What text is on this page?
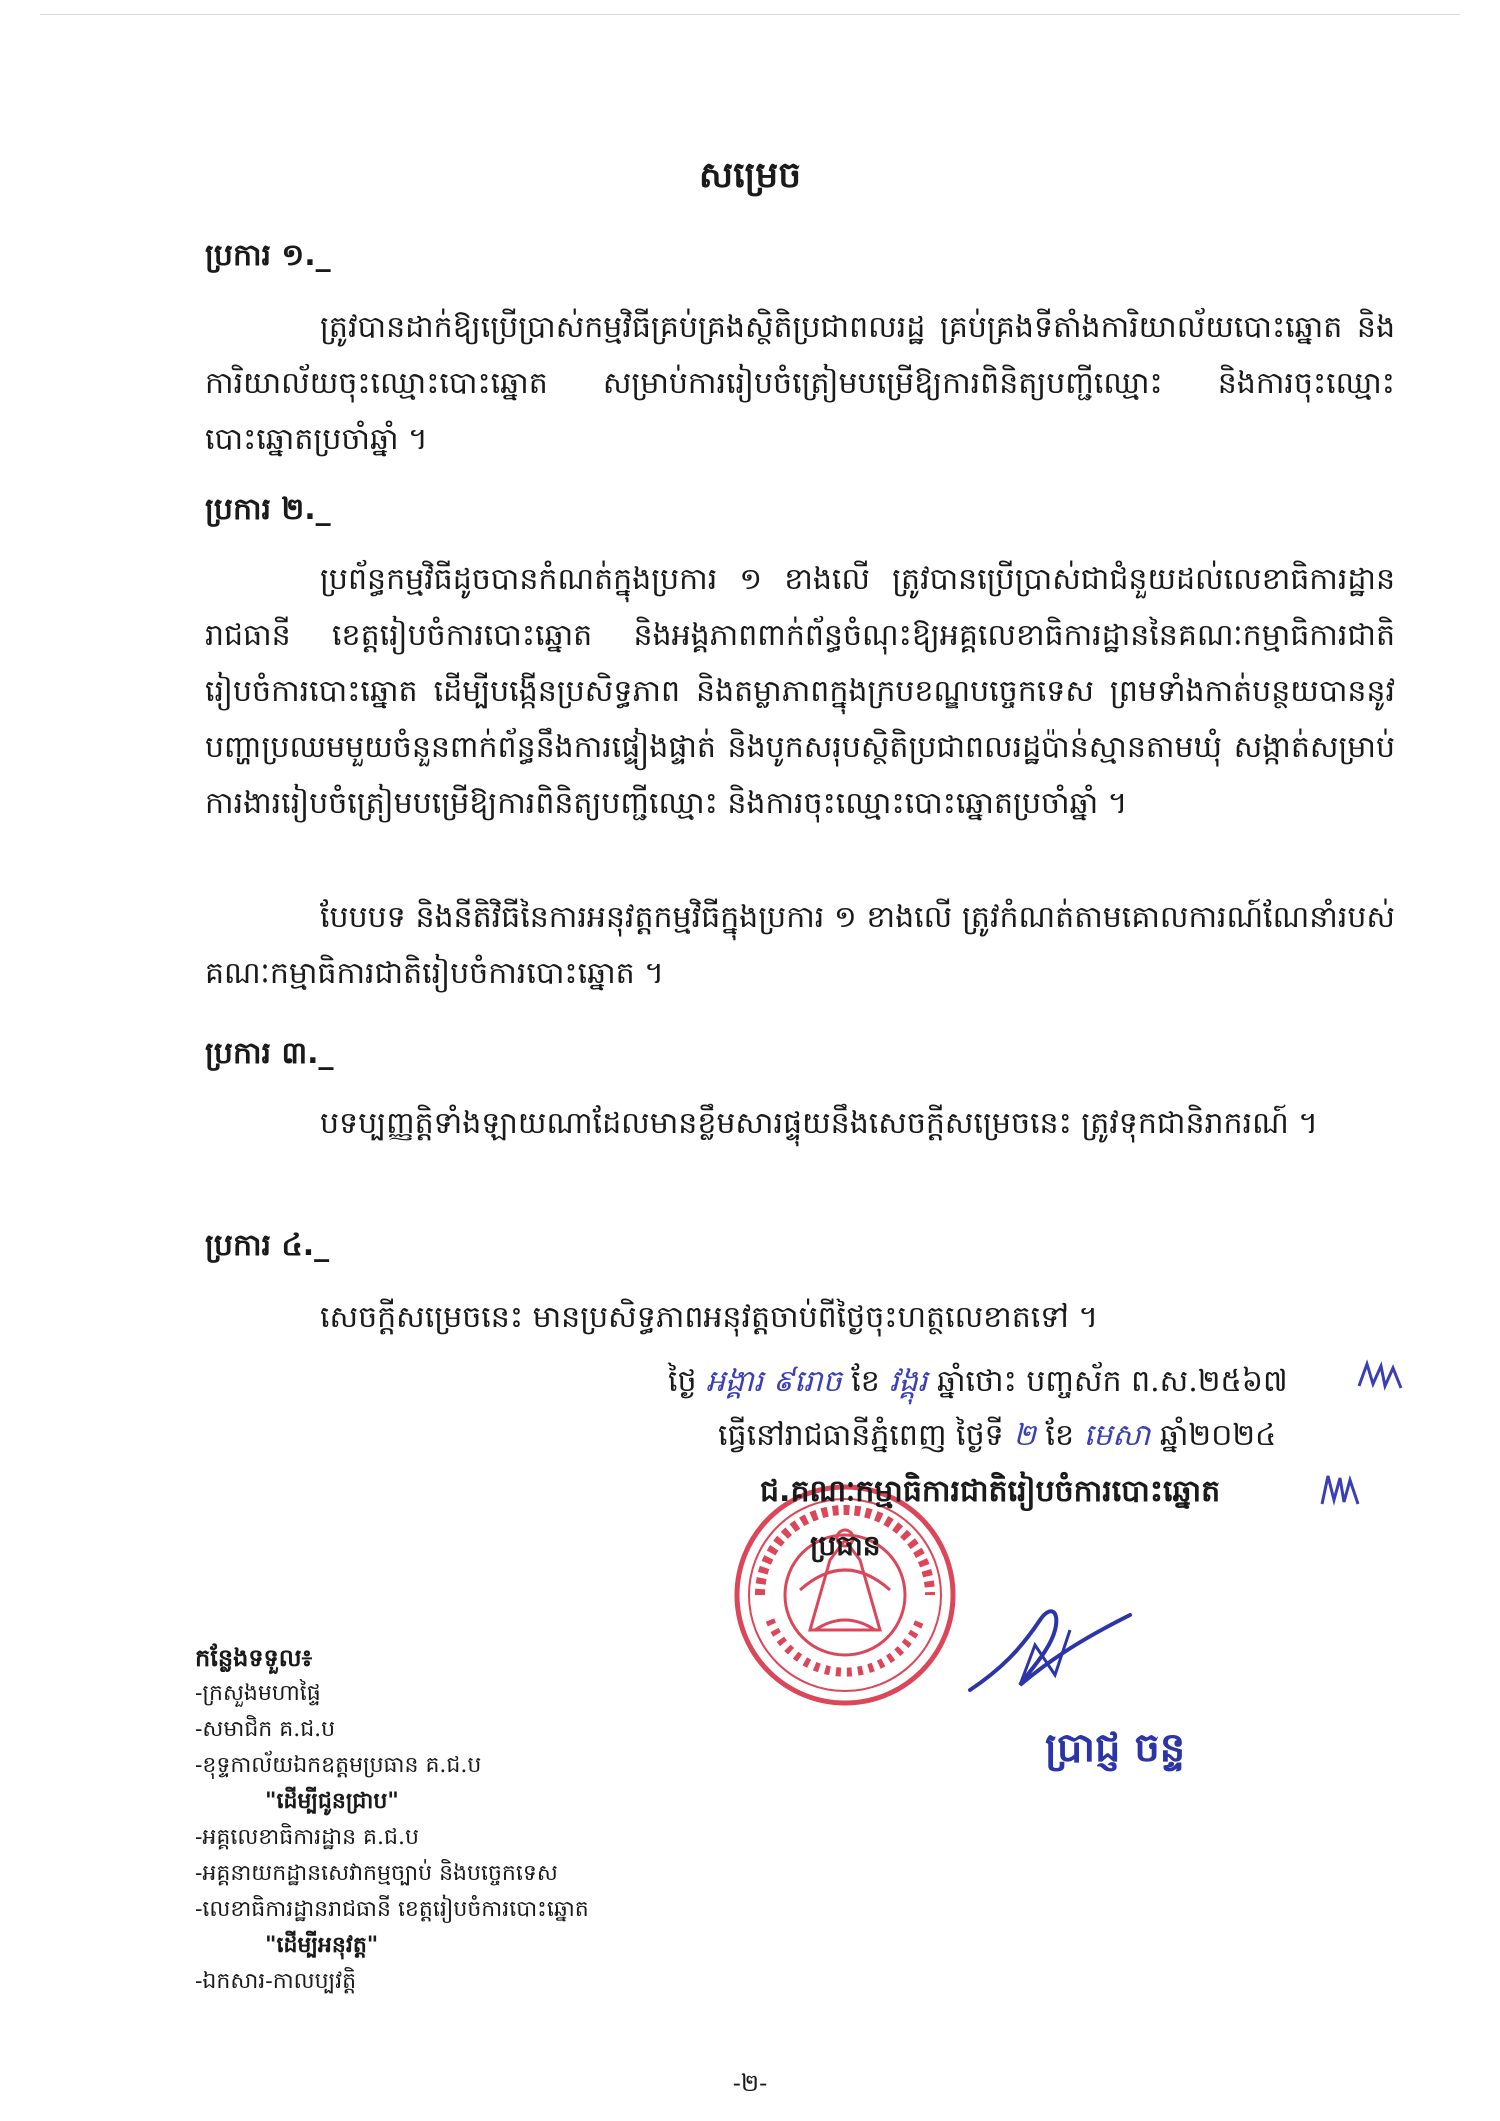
សម្រេច
ប្រការ ១._

ត្រូវបានដាក់ឱ្យប្រើប្រាស់កម្មវិធីគ្រប់គ្រងស្ថិតិប្រជាពលរដ្ឋ គ្រប់គ្រងទីតាំងការិយាល័យបោះឆ្នោត និងការិយាល័យចុះឈ្មោះបោះឆ្នោត សម្រាប់ការរៀបចំត្រៀមបម្រើឱ្យការពិនិត្យបញ្ជីឈ្មោះ និងការចុះឈ្មោះបោះឆ្នោតប្រចាំឆ្នាំ ។

ប្រការ ២._

ប្រព័ន្ធកម្មវិធីដូចបានកំណត់ក្នុងប្រការ ១ ខាងលើ ត្រូវបានប្រើប្រាស់ជាជំនួយដល់លេខាធិការដ្ឋានរាជធានី ខេត្តរៀបចំការបោះឆ្នោត និងអង្គភាពពាក់ព័ន្ធចំណុះឱ្យអគ្គលេខាធិការដ្ឋាននៃគណៈកម្មាធិការជាតិរៀបចំការបោះឆ្នោត ដើម្បីបង្កើនប្រសិទ្ធភាព និងតម្លាភាពក្នុងក្របខណ្ឌបច្ចេកទេស ព្រមទាំងកាត់បន្ថយបាននូវបញ្ហាប្រឈមមួយចំនួនពាក់ព័ន្ធនឹងការផ្ទៀងផ្ទាត់ និងបូកសរុបស្ថិតិប្រជាពលរដ្ឋប៉ាន់ស្មានតាមឃុំ សង្កាត់សម្រាប់ការងាររៀបចំត្រៀមបម្រើឱ្យការពិនិត្យបញ្ជីឈ្មោះ និងការចុះឈ្មោះបោះឆ្នោតប្រចាំឆ្នាំ ។

បែបបទ និងនីតិវិធីនៃការអនុវត្តកម្មវិធីក្នុងប្រការ ១ ខាងលើ ត្រូវកំណត់តាមគោលការណ៍ណែនាំរបស់គណៈកម្មាធិការជាតិរៀបចំការបោះឆ្នោត ។

ប្រការ ៣._

បទប្បញ្ញត្តិទាំងឡាយណាដែលមានខ្លឹមសារផ្ទុយនឹងសេចក្ដីសម្រេចនេះ ត្រូវទុកជានិរាករណ៍ ។

ប្រការ ៤._

សេចក្ដីសម្រេចនេះ មានប្រសិទ្ធភាពអនុវត្តចាប់ពីថ្ងៃចុះហត្ថលេខាតទៅ ។

ថ្ងៃ អង្គារ ៩រោច ខែ វង្គុរ ឆ្នាំថោះ បញ្ចស័ក ព.ស.២៥៦៧
ធ្វើនៅរាជធានីភ្នំពេញ ថ្ងៃទី ២ ខែ មេសា ឆ្នាំ២០២៤
ជ.គណៈកម្មាធិការជាតិរៀបចំការបោះឆ្នោត
ប្រធាន
ប្រាជ្ញ ចន្ទ
កន្លែងទទួល៖
-ក្រសួងមហាផ្ទៃ
-សមាជិក គ.ជ.ប
-ខុទ្ទកាល័យឯកឧត្ដមប្រធាន គ.ជ.ប
"ដើម្បីជូនជ្រាប"
-អគ្គលេខាធិការដ្ឋាន គ.ជ.ប
-អគ្គនាយកដ្ឋានសេវាកម្មច្បាប់ និងបច្ចេកទេស
-លេខាធិការដ្ឋានរាជធានី ខេត្តរៀបចំការបោះឆ្នោត
"ដើម្បីអនុវត្ត"
-ឯកសារ-កាលប្បវត្តិ
-២-
